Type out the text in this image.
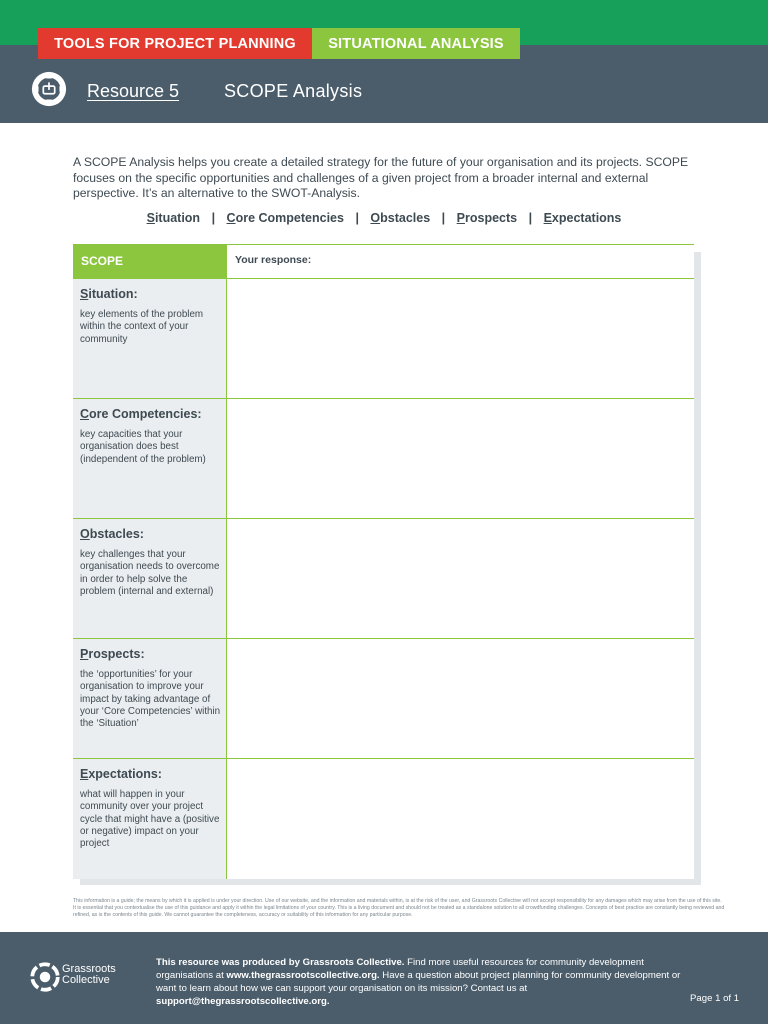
TOOLS FOR PROJECT PLANNING	SITUATIONAL ANALYSIS
Resource 5 SCOPE Analysis

A SCOPE Analysis helps you create a detailed strategy for the future of your organisation and its projects. SCOPE focuses on the specific opportunities and challenges of a given project from a broader internal and external perspective. It’s an alternative to the SWOT-Analysis.

Situation | Core Competencies | Obstacles | Prospects | Expectations
SCOPE	Your response:
Situation:
key elements of the problem within the context of your community
Core Competencies:
key capacities that your organisation does best (independent of the problem)
Obstacles:
key challenges that your organisation needs to overcome in order to help solve the problem (internal and external)
Prospects:
the ‘opportunities’ for your organisation to improve your impact by taking advantage of your ‘Core Competencies’ within the ‘Situation’
Expectations:
what will happen in your community over your project cycle that might have a (positive or negative) impact on your project

This information is a guide; the means by which it is applied is under your direction. Use of our website, and the information and materials within, is at the risk of the user, and Grassroots Collective will not accept responsibility for any damages which may arise from the use of this site. It is essential that you contextualise the use of this guidance and apply it within the legal limitations of your country. This is a living document and should not be treated as a standalone solution to all crowdfunding challenges. Concepts of best practice are constantly being reviewed and refined, as is the contents of this guide. We cannot guarantee the completeness, accuracy or suitability of this information for any particular purpose.

Grassroots
Collective

This resource was produced by Grassroots Collective. Find more useful resources for community development organisations at www.thegrassrootscollective.org. Have a question about project planning for community development or want to learn about how we can support your organisation on its mission? Contact us at support@thegrassrootscollective.org.	Page 1 of 1
